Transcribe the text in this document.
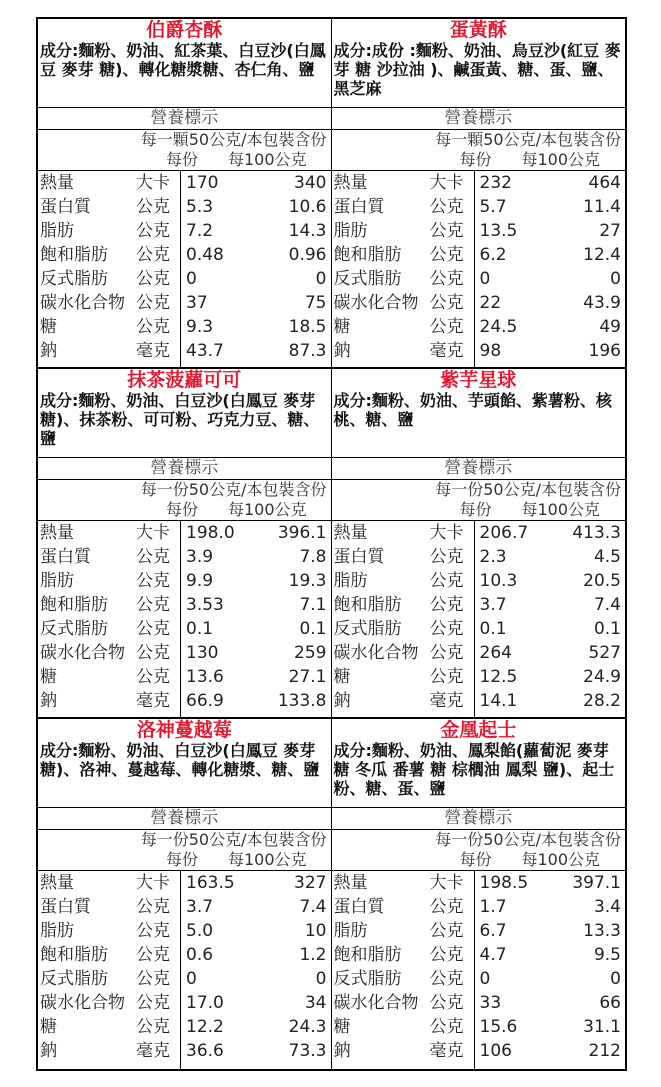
伯爵杏酥
成分:麵粉、奶油、紅茶葉、白豆沙(白鳳豆 麥芽 糖)、轉化糖漿糖、杏仁角、鹽
營養標示
每一顆50公克/本包裝含份
每份 每100公克
熱量	大卡 170	340
蛋白質	公克 5.3	10.6
脂肪	公克 7.2	14.3
飽和脂肪 公克 0.48	0.96
反式脂肪 公克 0	0
碳水化合物 公克 37	75
糖	公克 9.3	18.5
鈉	毫克 43.7	87.3
蛋黃酥
成分:成份 :麵粉、奶油、烏豆沙(紅豆 麥芽 糖 沙拉油 )、鹹蛋黃、糖、蛋、鹽、黑芝麻
營養標示
每一顆50公克/本包裝含份
每份 每100公克
熱量	大卡 232	464
蛋白質	公克 5.7	11.4
脂肪	公克 13.5	27
飽和脂肪 公克 6.2	12.4
反式脂肪 公克 0	0
碳水化合物 公克 22	43.9
糖	公克 24.5	49
鈉	毫克 98	196
抹茶菠蘿可可
成分:麵粉、奶油、白豆沙(白鳳豆 麥芽 糖)、抹茶粉、可可粉、巧克力豆、糖、鹽
營養標示
每一份50公克/本包裝含份
每份 每100公克
熱量	大卡 198.0	396.1
蛋白質	公克 3.9	7.8
脂肪	公克 9.9	19.3
飽和脂肪 公克 3.53	7.1
反式脂肪 公克 0.1	0.1
碳水化合物 公克 130	259
糖	公克 13.6	27.1
鈉	毫克 66.9	133.8
紫芋星球
成分:麵粉、奶油、芋頭餡、紫薯粉、核桃、糖、鹽
營養標示
每一份50公克/本包裝含份
每份 每100公克
熱量	大卡 206.7	413.3
蛋白質	公克 2.3	4.5
脂肪	公克 10.3	20.5
飽和脂肪 公克 3.7	7.4
反式脂肪 公克 0.1	0.1
碳水化合物 公克 264	527
糖	公克 12.5	24.9
鈉	毫克 14.1	28.2
洛神蔓越莓
成分:麵粉、奶油、白豆沙(白鳳豆 麥芽 糖)、洛神、蔓越莓、轉化糖漿、糖、鹽
營養標示
每一份50公克/本包裝含份
每份 每100公克
熱量	大卡 163.5	327
蛋白質	公克 3.7	7.4
脂肪	公克 5.0	10
飽和脂肪 公克 0.6	1.2
反式脂肪 公克 0	0
碳水化合物 公克 17.0	34
糖	公克 12.2	24.3
鈉	毫克 36.6	73.3
金凰起士
成分:麵粉、奶油、鳳梨餡(蘿蔔泥 麥芽糖 冬瓜 番薯 糖 棕櫚油 鳳梨 鹽)、起士粉、糖、蛋、鹽
營養標示
每一份50公克/本包裝含份
每份 每100公克
熱量	大卡 198.5	397.1
蛋白質	公克 1.7	3.4
脂肪	公克 6.7	13.3
飽和脂肪 公克 4.7	9.5
反式脂肪 公克 0	0
碳水化合物 公克 33	66
糖	公克 15.6	31.1
鈉	毫克 106	212
